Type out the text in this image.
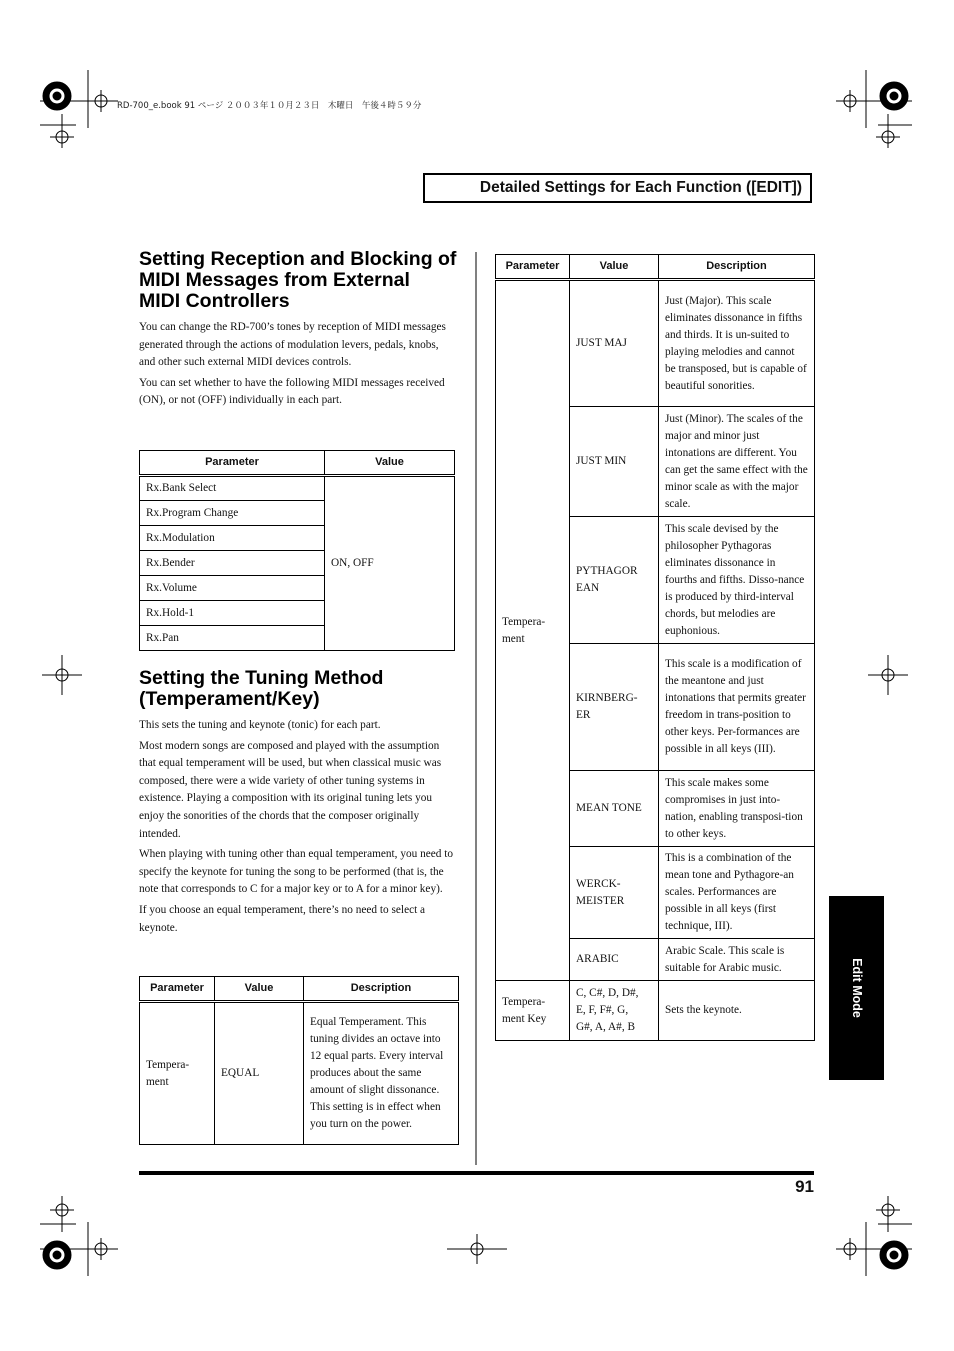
RD-700_e.book 91 ページ ２００３年１０月２３日　木曜日　午後４時５９分
Detailed Settings for Each Function ([EDIT])
Setting Reception and Blocking of
MIDI Messages from External
MIDI Controllers

You can change the RD-700’s tones by reception of MIDI messages generated through the actions of modulation levers, pedals, knobs, and other such external MIDI devices controls.

You can set whether to have the following MIDI messages received (ON), or not (OFF) individually in each part.

Parameter	Value
Rx.Bank Select	ON, OFF
Rx.Program Change	
Rx.Modulation	
Rx.Bender	
Rx.Volume	
Rx.Hold-1	
Rx.Pan	
Setting the Tuning Method
(Temperament/Key)

This sets the tuning and keynote (tonic) for each part.

Most modern songs are composed and played with the assumption that equal temperament will be used, but when classical music was composed, there were a wide variety of other tuning systems in existence. Playing a composition with its original tuning lets you enjoy the sonorities of the chords that the composer originally intended.

When playing with tuning other than equal temperament, you need to specify the keynote for tuning the song to be performed (that is, the note that corresponds to C for a major key or to A for a minor key).

If you choose an equal temperament, there’s no need to select a keynote.

Parameter	Value	Description
Tempera-
ment	EQUAL	Equal Temperament. This tuning divides an octave into 12 equal parts. Every interval produces about the same amount of slight dissonance. This setting is in effect when you turn on the power.
Parameter	Value	Description
Tempera-
ment	JUST MAJ	Just (Major). This scale eliminates dissonance in fifths and thirds. It is un-suited to playing melodies and cannot be transposed, but is capable of beautiful sonorities.
	JUST MIN	Just (Minor). The scales of the major and minor just intonations are different. You can get the same effect with the minor scale as with the major scale.
	PYTHAGOR
EAN	This scale devised by the philosopher Pythagoras eliminates dissonance in fourths and fifths. Disso-nance is produced by third-interval chords, but melodies are euphonious.
	KIRNBERG-
ER	This scale is a modification of the meantone and just intonations that permits greater freedom in trans-position to other keys. Per-formances are possible in all keys (III).
	MEAN TONE	This scale makes some compromises in just into-nation, enabling transposi-tion to other keys.
	WERCK-
MEISTER	This is a combination of the mean tone and Pythagore-an scales. Performances are possible in all keys (first technique, III).
	ARABIC	Arabic Scale. This scale is suitable for Arabic music.
Tempera-
ment Key	C, C#, D, D#,
E, F, F#, G,
G#, A, A#, B	Sets the keynote.	Edit Mode
91
